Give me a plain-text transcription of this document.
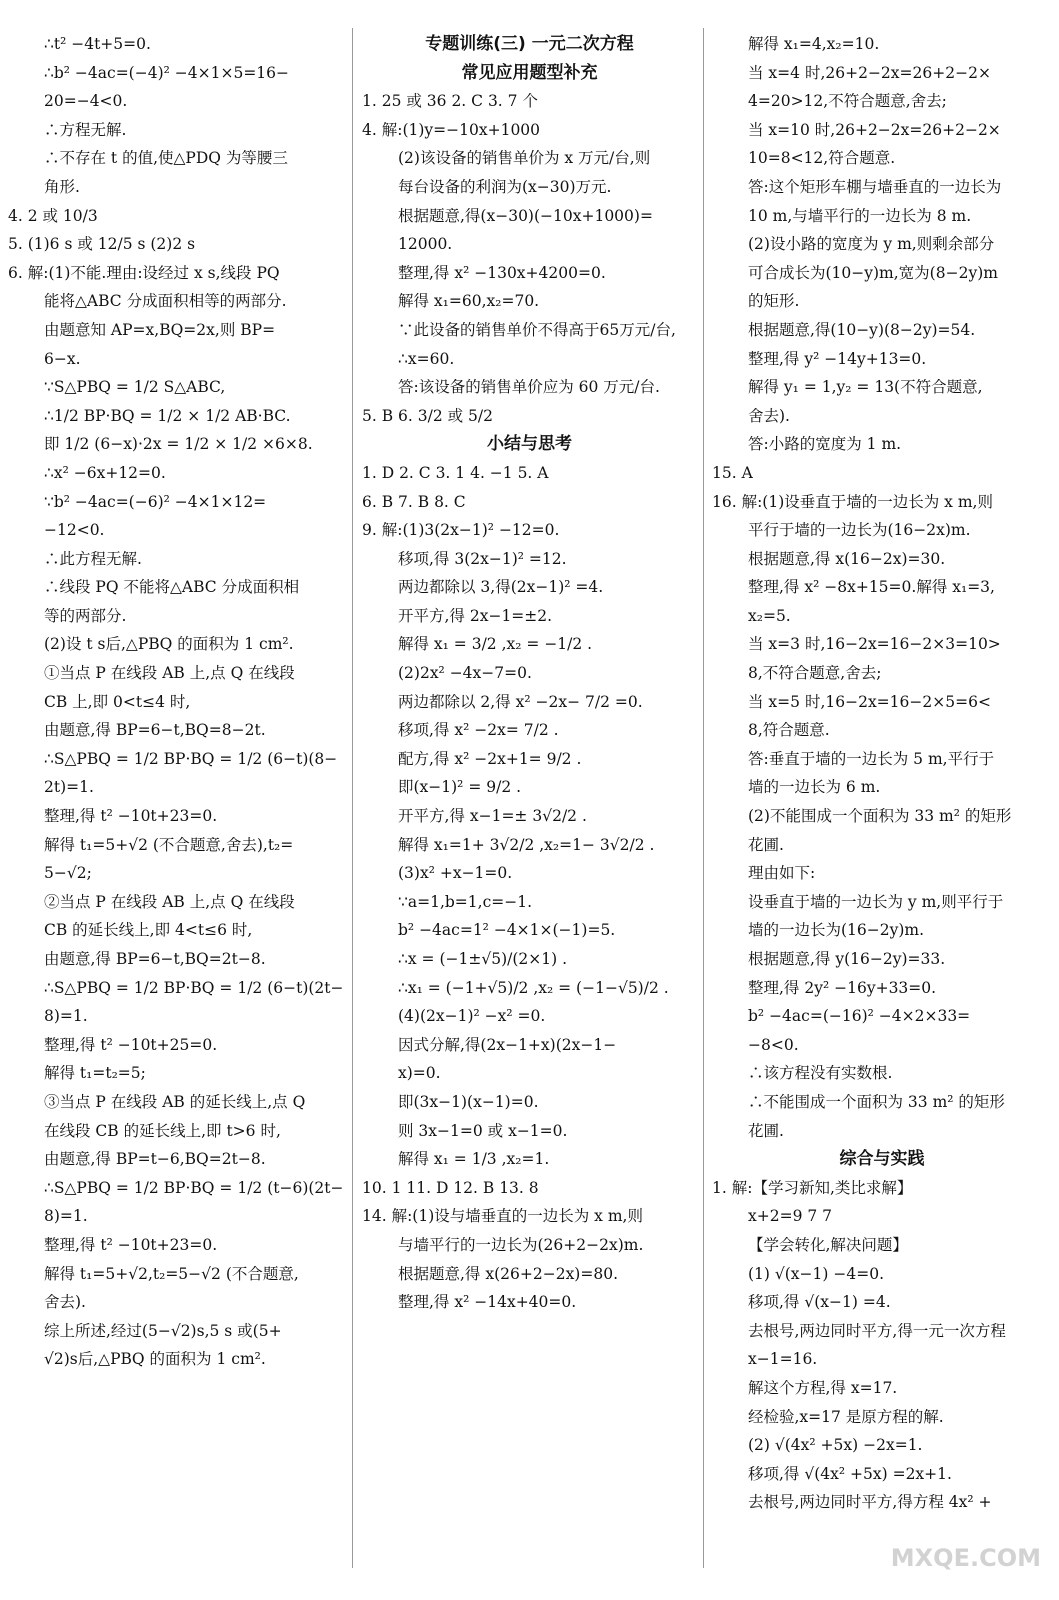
∴t² −4t+5=0.
∴b² −4ac=(−4)² −4×1×5=16−
20=−4<0.
∴方程无解.
∴不存在 t 的值,使△PDQ 为等腰三
角形.
4. 2 或 10/3
5. (1)6 s 或 12/5 s (2)2 s
6. 解:(1)不能.理由:设经过 x s,线段 PQ
能将△ABC 分成面积相等的两部分.
由题意知 AP=x,BQ=2x,则 BP=
6−x.
∵S△PBQ = 1/2 S△ABC,
∴1/2 BP·BQ = 1/2 × 1/2 AB·BC.
即 1/2 (6−x)·2x = 1/2 × 1/2 ×6×8.
∴x² −6x+12=0.
∵b² −4ac=(−6)² −4×1×12=
−12<0.
∴此方程无解.
∴线段 PQ 不能将△ABC 分成面积相
等的两部分.
(2)设 t s后,△PBQ 的面积为 1 cm².
①当点 P 在线段 AB 上,点 Q 在线段
CB 上,即 0<t≤4 时,
由题意,得 BP=6−t,BQ=8−2t.
∴S△PBQ = 1/2 BP·BQ = 1/2 (6−t)(8−
2t)=1.
整理,得 t² −10t+23=0.
解得 t₁=5+√2 (不合题意,舍去),t₂=
5−√2;
②当点 P 在线段 AB 上,点 Q 在线段
CB 的延长线上,即 4<t≤6 时,
由题意,得 BP=6−t,BQ=2t−8.
∴S△PBQ = 1/2 BP·BQ = 1/2 (6−t)(2t−
8)=1.
整理,得 t² −10t+25=0.
解得 t₁=t₂=5;
③当点 P 在线段 AB 的延长线上,点 Q
在线段 CB 的延长线上,即 t>6 时,
由题意,得 BP=t−6,BQ=2t−8.
∴S△PBQ = 1/2 BP·BQ = 1/2 (t−6)(2t−
8)=1.
整理,得 t² −10t+23=0.
解得 t₁=5+√2,t₂=5−√2 (不合题意,
舍去).
综上所述,经过(5−√2)s,5 s 或(5+
√2)s后,△PBQ 的面积为 1 cm².
专题训练(三) 一元二次方程
常见应用题型补充
1. 25 或 36 2. C 3. 7 个
4. 解:(1)y=−10x+1000
(2)该设备的销售单价为 x 万元/台,则
每台设备的利润为(x−30)万元.
根据题意,得(x−30)(−10x+1000)=
12000.
整理,得 x² −130x+4200=0.
解得 x₁=60,x₂=70.
∵此设备的销售单价不得高于65万元/台,
∴x=60.
答:该设备的销售单价应为 60 万元/台.
5. B 6. 3/2 或 5/2
小结与思考
1. D 2. C 3. 1 4. −1 5. A
6. B 7. B 8. C
9. 解:(1)3(2x−1)² −12=0.
移项,得 3(2x−1)² =12.
两边都除以 3,得(2x−1)² =4.
开平方,得 2x−1=±2.
解得 x₁ = 3/2 ,x₂ = −1/2 .
(2)2x² −4x−7=0.
两边都除以 2,得 x² −2x− 7/2 =0.
移项,得 x² −2x= 7/2 .
配方,得 x² −2x+1= 9/2 .
即(x−1)² = 9/2 .
开平方,得 x−1=± 3√2/2 .
解得 x₁=1+ 3√2/2 ,x₂=1− 3√2/2 .
(3)x² +x−1=0.
∵a=1,b=1,c=−1.
b² −4ac=1² −4×1×(−1)=5.
∴x = (−1±√5)/(2×1) .
∴x₁ = (−1+√5)/2 ,x₂ = (−1−√5)/2 .
(4)(2x−1)² −x² =0.
因式分解,得(2x−1+x)(2x−1−
x)=0.
即(3x−1)(x−1)=0.
则 3x−1=0 或 x−1=0.
解得 x₁ = 1/3 ,x₂=1.
10. 1 11. D 12. B 13. 8
14. 解:(1)设与墙垂直的一边长为 x m,则
与墙平行的一边长为(26+2−2x)m.
根据题意,得 x(26+2−2x)=80.
整理,得 x² −14x+40=0.
解得 x₁=4,x₂=10.
当 x=4 时,26+2−2x=26+2−2×
4=20>12,不符合题意,舍去;
当 x=10 时,26+2−2x=26+2−2×
10=8<12,符合题意.
答:这个矩形车棚与墙垂直的一边长为
10 m,与墙平行的一边长为 8 m.
(2)设小路的宽度为 y m,则剩余部分
可合成长为(10−y)m,宽为(8−2y)m
的矩形.
根据题意,得(10−y)(8−2y)=54.
整理,得 y² −14y+13=0.
解得 y₁ = 1,y₂ = 13(不符合题意,
舍去).
答:小路的宽度为 1 m.
15. A
16. 解:(1)设垂直于墙的一边长为 x m,则
平行于墙的一边长为(16−2x)m.
根据题意,得 x(16−2x)=30.
整理,得 x² −8x+15=0.解得 x₁=3,
x₂=5.
当 x=3 时,16−2x=16−2×3=10>
8,不符合题意,舍去;
当 x=5 时,16−2x=16−2×5=6<
8,符合题意.
答:垂直于墙的一边长为 5 m,平行于
墙的一边长为 6 m.
(2)不能围成一个面积为 33 m² 的矩形
花圃.
理由如下:
设垂直于墙的一边长为 y m,则平行于
墙的一边长为(16−2y)m.
根据题意,得 y(16−2y)=33.
整理,得 2y² −16y+33=0.
b² −4ac=(−16)² −4×2×33=
−8<0.
∴该方程没有实数根.
∴不能围成一个面积为 33 m² 的矩形
花圃.
综合与实践
1. 解:【学习新知,类比求解】
x+2=9 7 7
【学会转化,解决问题】
(1) √(x−1) −4=0.
移项,得 √(x−1) =4.
去根号,两边同时平方,得一元一次方程
x−1=16.
解这个方程,得 x=17.
经检验,x=17 是原方程的解.
(2) √(4x² +5x) −2x=1.
移项,得 √(4x² +5x) =2x+1.
去根号,两边同时平方,得方程 4x² +
MXQE.COM
